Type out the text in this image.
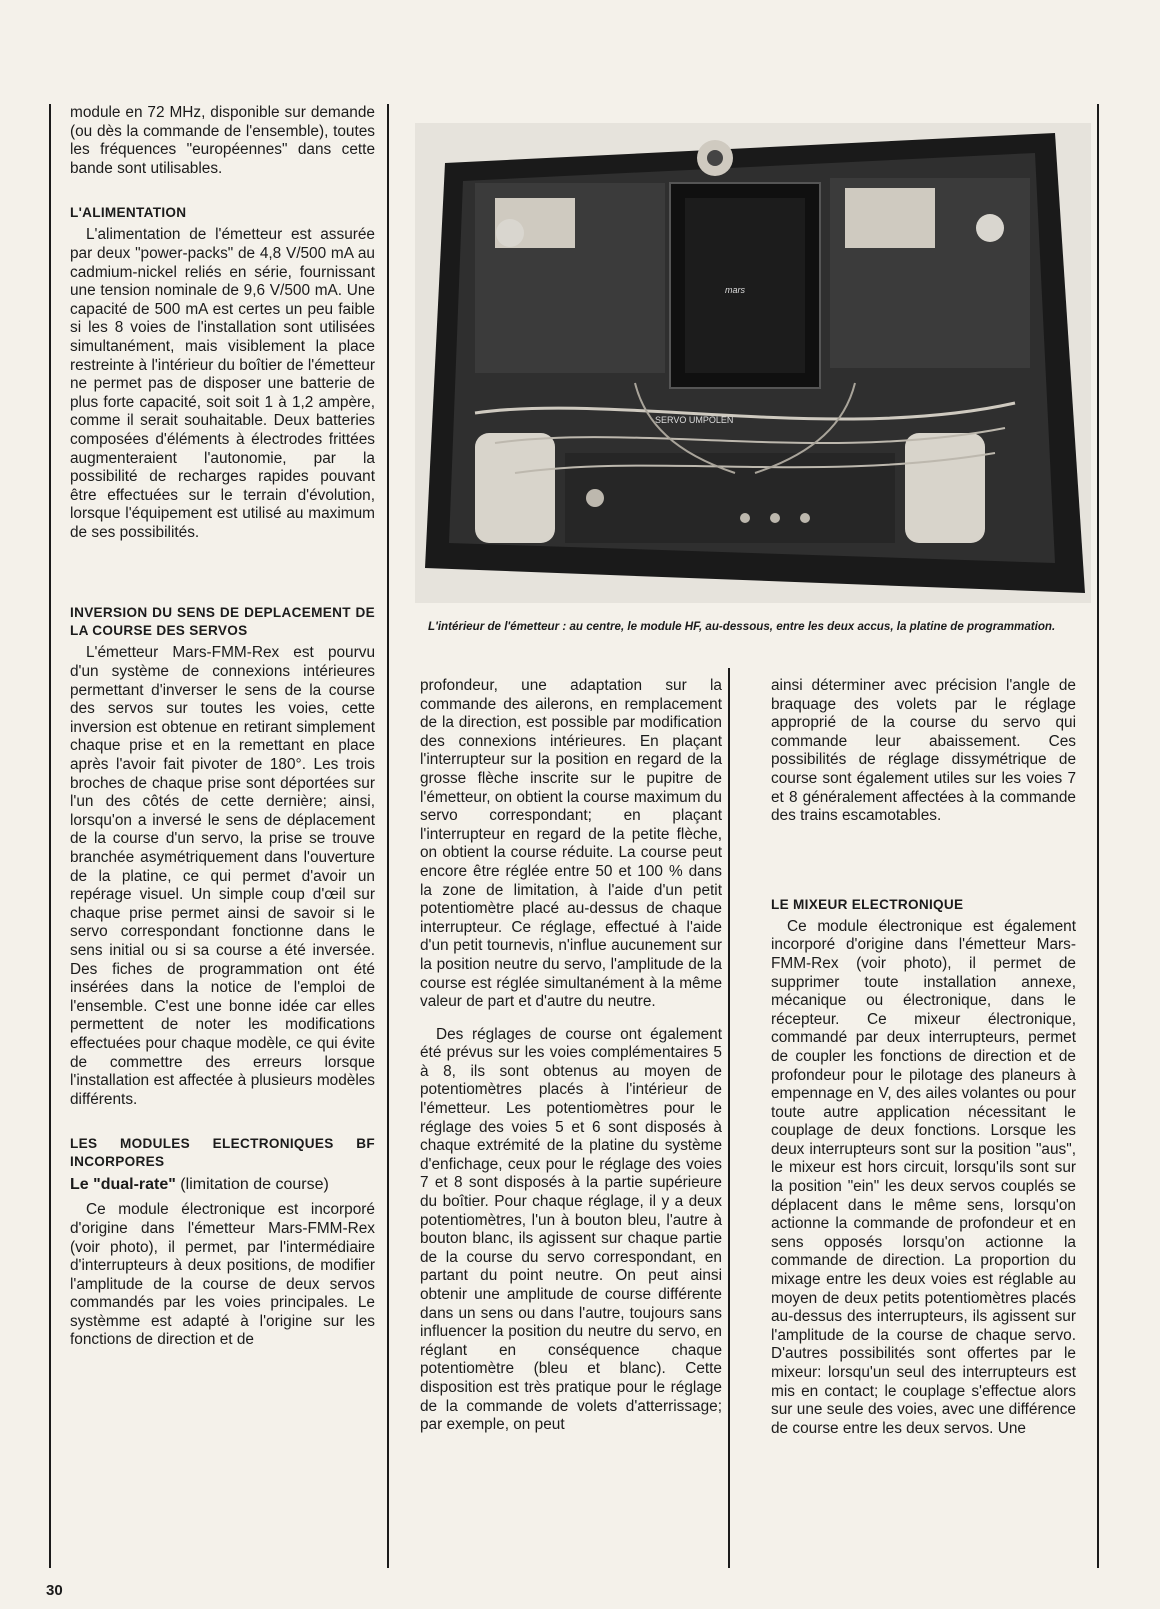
module en 72 MHz, disponible sur demande (ou dès la commande de l'ensemble), toutes les fréquences "européennes" dans cette bande sont utilisables.

L'ALIMENTATION

L'alimentation de l'émetteur est assurée par deux "power-packs" de 4,8 V/500 mA au cadmium-nickel reliés en série, fournissant une tension nominale de 9,6 V/500 mA. Une capacité de 500 mA est certes un peu faible si les 8 voies de l'installation sont utilisées simultanément, mais visiblement la place restreinte à l'intérieur du boîtier de l'émetteur ne permet pas de disposer une batterie de plus forte capacité, soit soit 1 à 1,2 ampère, comme il serait souhaitable. Deux batteries composées d'éléments à électrodes frittées augmenteraient l'autonomie, par la possibilité de recharges rapides pouvant être effectuées sur le terrain d'évolution, lorsque l'équipement est utilisé au maximum de ses possibilités.

INVERSION DU SENS DE DEPLACEMENT DE LA COURSE DES SERVOS

L'émetteur Mars-FMM-Rex est pourvu d'un système de connexions intérieures permettant d'inverser le sens de la course des servos sur toutes les voies, cette inversion est obtenue en retirant simplement chaque prise et en la remettant en place après l'avoir fait pivoter de 180°. Les trois broches de chaque prise sont déportées sur l'un des côtés de cette dernière; ainsi, lorsqu'on a inversé le sens de déplacement de la course d'un servo, la prise se trouve branchée asymétriquement dans l'ouverture de la platine, ce qui permet d'avoir un repérage visuel. Un simple coup d'œil sur chaque prise permet ainsi de savoir si le servo correspondant fonctionne dans le sens initial ou si sa course a été inversée. Des fiches de programmation ont été insérées dans la notice de l'emploi de l'ensemble. C'est une bonne idée car elles permettent de noter les modifications effectuées pour chaque modèle, ce qui évite de commettre des erreurs lorsque l'installation est affectée à plusieurs modèles différents.

LES MODULES ELECTRONIQUES BF INCORPORES
Le "dual-rate" (limitation de course)

Ce module électronique est incorporé d'origine dans l'émetteur Mars-FMM-Rex (voir photo), il permet, par l'intermédiaire d'interrupteurs à deux positions, de modifier l'amplitude de la course de deux servos commandés par les voies principales. Le systèmme est adapté à l'origine sur les fonctions de direction et de

mars
SERVO UMPOLEN
L'intérieur de l'émetteur : au centre, le module HF, au-dessous, entre les deux accus, la platine de programmation.

profondeur, une adaptation sur la commande des ailerons, en remplacement de la direction, est possible par modification des connexions intérieures. En plaçant l'interrupteur sur la position en regard de la grosse flèche inscrite sur le pupitre de l'émetteur, on obtient la course maximum du servo correspondant; en plaçant l'interrupteur en regard de la petite flèche, on obtient la course réduite. La course peut encore être réglée entre 50 et 100 % dans la zone de limitation, à l'aide d'un petit potentiomètre placé au-dessus de chaque interrupteur. Ce réglage, effectué à l'aide d'un petit tournevis, n'influe aucunement sur la position neutre du servo, l'amplitude de la course est réglée simultanément à la même valeur de part et d'autre du neutre.

Des réglages de course ont également été prévus sur les voies complémentaires 5 à 8, ils sont obtenus au moyen de potentiomètres placés à l'intérieur de l'émetteur. Les potentiomètres pour le réglage des voies 5 et 6 sont disposés à chaque extrémité de la platine du système d'enfichage, ceux pour le réglage des voies 7 et 8 sont disposés à la partie supérieure du boîtier. Pour chaque réglage, il y a deux potentiomètres, l'un à bouton bleu, l'autre à bouton blanc, ils agissent sur chaque partie de la course du servo correspondant, en partant du point neutre. On peut ainsi obtenir une amplitude de course différente dans un sens ou dans l'autre, toujours sans influencer la position du neutre du servo, en réglant en conséquence chaque potentiomètre (bleu et blanc). Cette disposition est très pratique pour le réglage de la commande de volets d'atterrissage; par exemple, on peut

ainsi déterminer avec précision l'angle de braquage des volets par le réglage approprié de la course du servo qui commande leur abaissement. Ces possibilités de réglage dissymétrique de course sont également utiles sur les voies 7 et 8 généralement affectées à la commande des trains escamotables.

LE MIXEUR ELECTRONIQUE

Ce module électronique est également incorporé d'origine dans l'émetteur Mars-FMM-Rex (voir photo), il permet de supprimer toute installation annexe, mécanique ou électronique, dans le récepteur. Ce mixeur électronique, commandé par deux interrupteurs, permet de coupler les fonctions de direction et de profondeur pour le pilotage des planeurs à empennage en V, des ailes volantes ou pour toute autre application nécessitant le couplage de deux fonctions. Lorsque les deux interrupteurs sont sur la position "aus", le mixeur est hors circuit, lorsqu'ils sont sur la position "ein" les deux servos couplés se déplacent dans le même sens, lorsqu'on actionne la commande de profondeur et en sens opposés lorsqu'on actionne la commande de direction. La proportion du mixage entre les deux voies est réglable au moyen de deux petits potentiomètres placés au-dessus des interrupteurs, ils agissent sur l'amplitude de la course de chaque servo. D'autres possibilités sont offertes par le mixeur: lorsqu'un seul des interrupteurs est mis en contact; le couplage s'effectue alors sur une seule des voies, avec une différence de course entre les deux servos. Une

30
